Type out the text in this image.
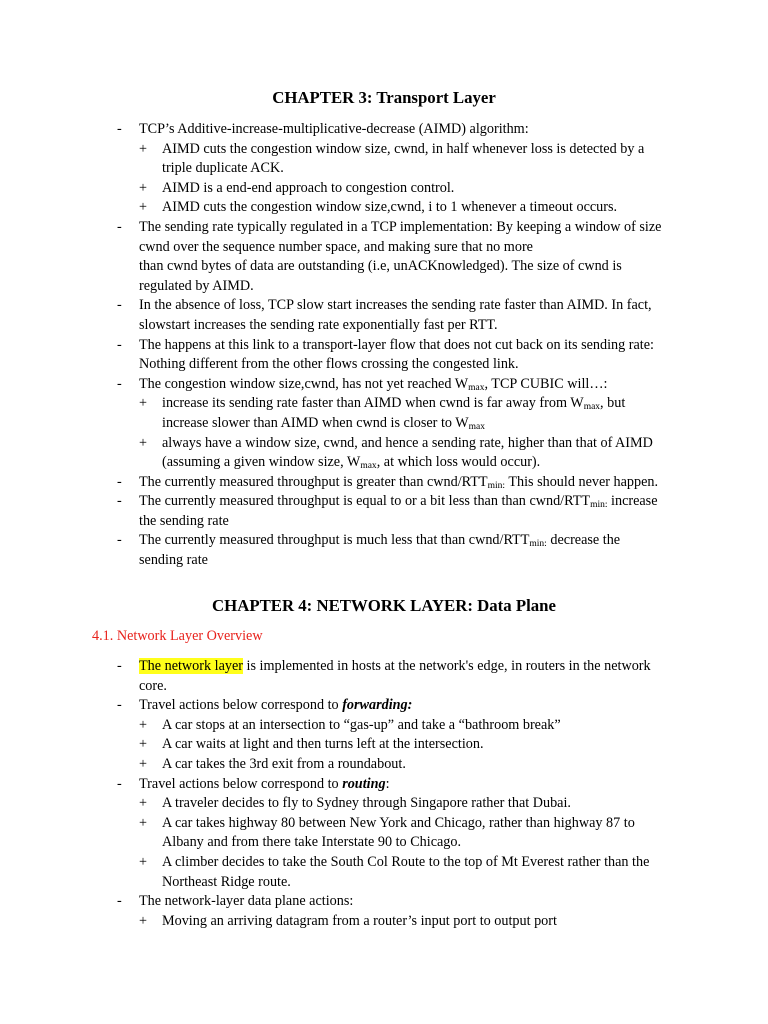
CHAPTER 3: Transport Layer
- TCP’s Additive-increase-multiplicative-decrease (AIMD) algorithm:
+ AIMD cuts the congestion window size, cwnd, in half whenever loss is detected by a triple duplicate ACK.
+ AIMD is a end-end approach to congestion control.
+ AIMD cuts the congestion window size,cwnd, i to 1 whenever a timeout occurs.
- The sending rate typically regulated in a TCP implementation: By keeping a window of size cwnd over the sequence number space, and making sure that no more
than cwnd bytes of data are outstanding (i.e, unACKnowledged). The size of cwnd is regulated by AIMD.
- In the absence of loss, TCP slow start increases the sending rate faster than AIMD. In fact, slowstart increases the sending rate exponentially fast per RTT.
- The happens at this link to a transport-layer flow that does not cut back on its sending rate: Nothing different from the other flows crossing the congested link.
- The congestion window size,cwnd, has not yet reached $W_{max}$, TCP CUBIC will…:
+ increase its sending rate faster than AIMD when cwnd is far away from $W_{max}$, but increase slower than AIMD when cwnd is closer to $W_{max}$
+ always have a window size, cwnd, and hence a sending rate, higher than that of AIMD (assuming a given window size, $W_{max}$, at which loss would occur).
- The currently measured throughput is greater than cwnd/$RTT_{min:}$ This should never happen.
- The currently measured throughput is equal to or a bit less than than cwnd/$RTT_{min:}$ increase the sending rate
- The currently measured throughput is much less that than cwnd/$RTT_{min:}$ decrease the sending rate
CHAPTER 4: NETWORK LAYER: Data Plane
4.1. Network Layer Overview
- The network layer is implemented in hosts at the network's edge, in routers in the network core.
- Travel actions below correspond to forwarding:
+ A car stops at an intersection to “gas-up” and take a “bathroom break”
+ A car waits at light and then turns left at the intersection.
+ A car takes the 3rd exit from a roundabout.
- Travel actions below correspond to routing:
+ A traveler decides to fly to Sydney through Singapore rather that Dubai.
+ A car takes highway 80 between New York and Chicago, rather than highway 87 to Albany and from there take Interstate 90 to Chicago.
+ A climber decides to take the South Col Route to the top of Mt Everest rather than the Northeast Ridge route.
- The network-layer data plane actions:
+ Moving an arriving datagram from a router’s input port to output port
